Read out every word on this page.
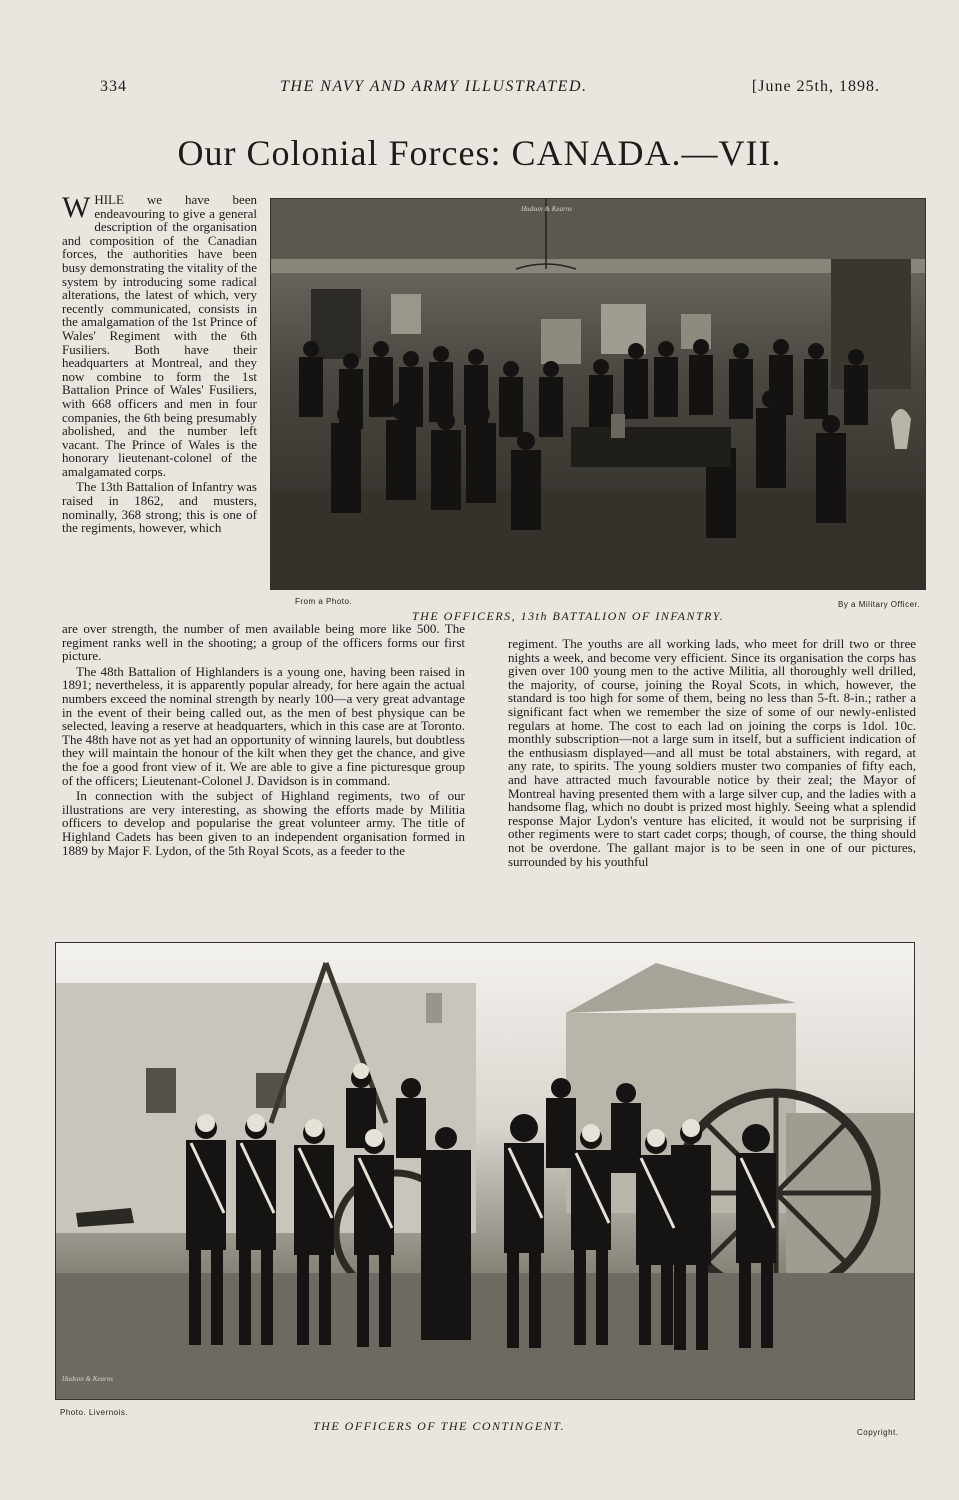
334	THE NAVY AND ARMY ILLUSTRATED.	[June 25th, 1898.
Our Colonial Forces: CANADA.—VII.
Hudson & Kearns
From a Photo.	By a Military Officer.
THE OFFICERS, 13th BATTALION OF INFANTRY.

WHILE we have been endeavouring to give a general description of the organisation and composition of the Canadian forces, the authorities have been busy demonstrating the vitality of the system by introducing some radical alterations, the latest of which, very recently communicated, consists in the amalgamation of the 1st Prince of Wales' Regiment with the 6th Fusiliers. Both have their headquarters at Montreal, and they now combine to form the 1st Battalion Prince of Wales' Fusiliers, with 668 officers and men in four companies, the 6th being presumably abolished, and the number left vacant. The Prince of Wales is the honorary lieutenant-colonel of the amalgamated corps.

The 13th Battalion of Infantry was raised in 1862, and musters, nominally, 368 strong; this is one of the regiments, however, which

are over strength, the number of men available being more like 500. The regiment ranks well in the shooting; a group of the officers forms our first picture.

The 48th Battalion of Highlanders is a young one, having been raised in 1891; nevertheless, it is apparently popular already, for here again the actual numbers exceed the nominal strength by nearly 100—a very great advantage in the event of their being called out, as the men of best physique can be selected, leaving a reserve at headquarters, which in this case are at Toronto. The 48th have not as yet had an opportunity of winning laurels, but doubtless they will maintain the honour of the kilt when they get the chance, and give the foe a good front view of it. We are able to give a fine picturesque group of the officers; Lieutenant-Colonel J. Davidson is in command.

In connection with the subject of Highland regiments, two of our illustrations are very interesting, as showing the efforts made by Militia officers to develop and popularise the great volunteer army. The title of Highland Cadets has been given to an independent organisation formed in 1889 by Major F. Lydon, of the 5th Royal Scots, as a feeder to the

regiment. The youths are all working lads, who meet for drill two or three nights a week, and become very efficient. Since its organisation the corps has given over 100 young men to the active Militia, all thoroughly well drilled, the majority, of course, joining the Royal Scots, in which, however, the standard is too high for some of them, being no less than 5-ft. 8-in.; rather a significant fact when we remember the size of some of our newly-enlisted regulars at home. The cost to each lad on joining the corps is 1dol. 10c. monthly subscription—not a large sum in itself, but a sufficient indication of the enthusiasm displayed—and all must be total abstainers, with regard, at any rate, to spirits. The young soldiers muster two companies of fifty each, and have attracted much favourable notice by their zeal; the Mayor of Montreal having presented them with a large silver cup, and the ladies with a handsome flag, which no doubt is prized most highly. Seeing what a splendid response Major Lydon's venture has elicited, it would not be surprising if other regiments were to start cadet corps; though, of course, the thing should not be overdone. The gallant major is to be seen in one of our pictures, surrounded by his youthful

Hudson & Kearns
Photo. Livernois.
Copyright.
THE OFFICERS OF THE CONTINGENT.
